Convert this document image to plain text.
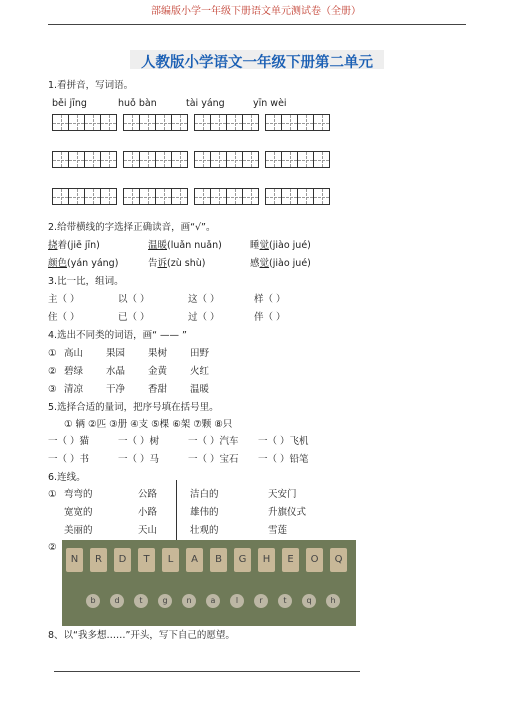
部编版小学一年级下册语文单元测试卷（全册）
人教版小学语文一年级下册第二单元
1.看拼音，写词语。
běi jīng	huǒ bàn	tài yáng	yīn wèi
2.给带横线的字选择正确读音，画“√”。
挠着(jiē jīn)	温暖(luǎn nuǎn)	睡觉(jiào jué)
颜色(yán yáng)	告诉(zù shù)	感觉(jiào jué)
3.比一比，组词。
主（ ）	以（ ）	这（ ）	样（ ）
住（ ）	已（ ）	过（ ）	伴（ ）
4.选出不同类的词语，画“ —— ”
① 高山 果园 果树 田野
② 碧绿 水晶 金黄 火红
③ 清凉 干净 香甜 温暖
5.选择合适的量词，把序号填在括号里。
① 辆 ②匹 ③册 ④支 ⑤棵 ⑥架 ⑦颗 ⑧只
一（ ）猫	一（ ）树	一（ ）汽车 一（ ）飞机
一（ ）书	一（ ）马	一（ ）宝石 一（ ）铅笔
6.连线。
① 弯弯的	公路
宽宽的	小路
美丽的	天山
洁白的	天安门
雄伟的	升旗仪式
壮观的	雪莲
②
N	R	D	T	L	A	B	G	H	E	O	Q
b	d	t	g	n	a	l	r	t	q	h
8、以“我多想……”开头，写下自己的愿望。
